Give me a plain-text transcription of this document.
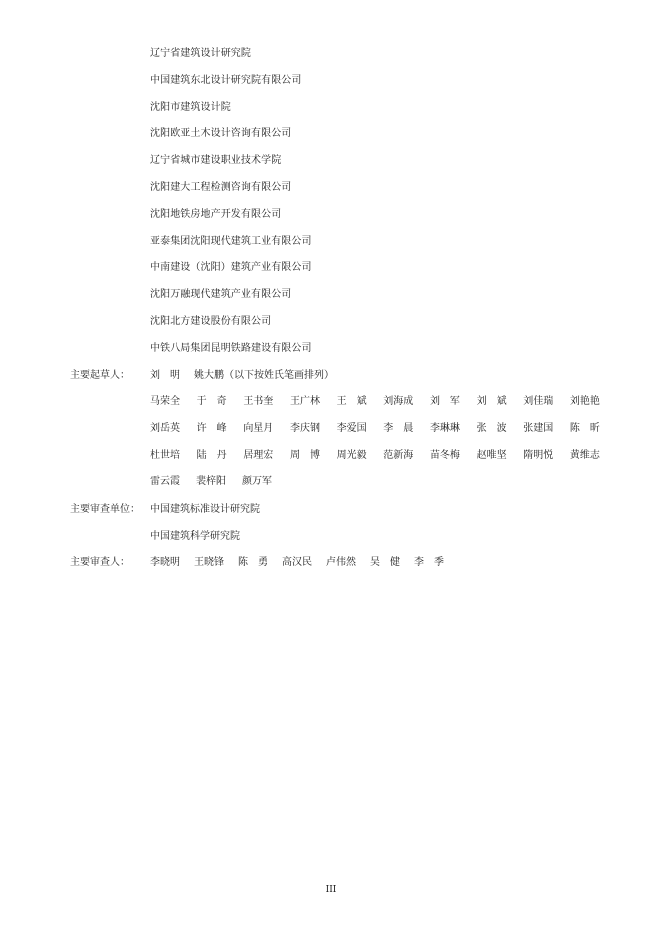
辽宁省建筑设计研究院
中国建筑东北设计研究院有限公司
沈阳市建筑设计院
沈阳欧亚土木设计咨询有限公司
辽宁省城市建设职业技术学院
沈阳建大工程检测咨询有限公司
沈阳地铁房地产开发有限公司
亚泰集团沈阳现代建筑工业有限公司
中南建设（沈阳）建筑产业有限公司
沈阳万融现代建筑产业有限公司
沈阳北方建设股份有限公司
中铁八局集团昆明铁路建设有限公司
主要起草人： 刘　明 姚大鹏（以下按姓氏笔画排列）
马荣全 于　奇 王书奎 王广林 王　斌 刘海成 刘　军 刘　斌 刘佳瑞 刘艳艳
刘岳英 许　峰 向星月 李庆钢 李爱国 李　晨 李琳琳 张　波 张建国 陈　昕
杜世培 陆　丹 居理宏 周　博 周光毅 范新海 苗冬梅 赵唯坚 隋明悦 黄维志
雷云霞 裴梓阳 颜万军
主要审查单位： 中国建筑标准设计研究院
中国建筑科学研究院
主要审查人： 李晓明 王晓锋 陈　勇 高汉民 卢伟然 吴　健 李　季
III
